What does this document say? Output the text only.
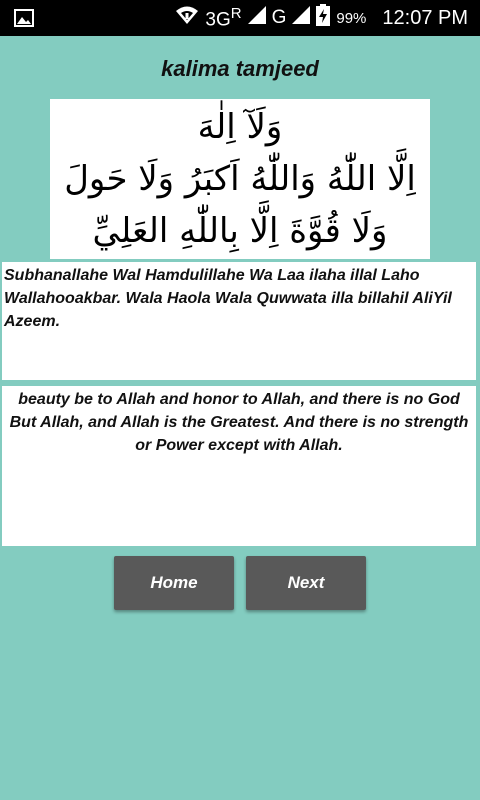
$3G^R$ G	99% 12:07 PM
kalima tamjeed
وَلَآ اِلٰهَ
اِلَّا اللّٰهُ وَاللّٰهُ اَكبَرُ وَلَا حَولَ
وَلَا قُوَّةَ اِلَّا بِاللّٰهِ العَلِيِّ
Subhanallahe Wal Hamdulillahe Wa Laa ilaha illal Laho Wallahooakbar. Wala Haola Wala Quwwata illa billahil AliYil Azeem.
beauty be to Allah and honor to Allah, and there is no God But Allah, and Allah is the Greatest. And there is no strength or Power except with Allah.
Home	Next
